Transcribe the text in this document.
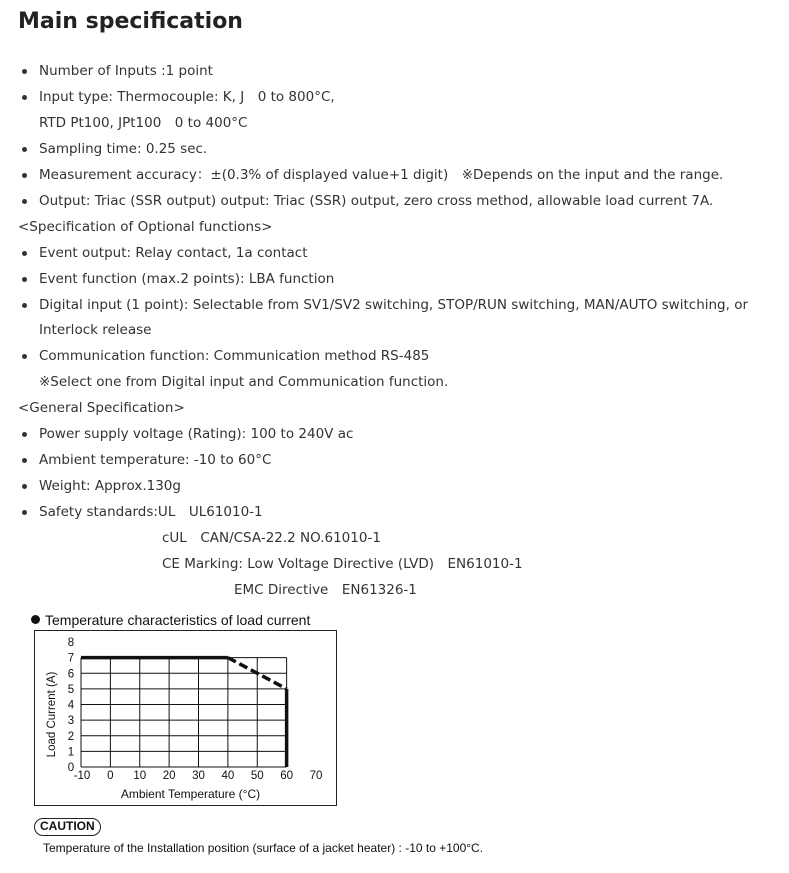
Main specification
Number of Inputs :1 point
Input type: Thermocouple: K, J　0 to 800°C,
RTD Pt100, JPt100　0 to 400°C
Sampling time: 0.25 sec.
Measurement accuracy：±(0.3% of displayed value+1 digit)　※Depends on the input and the range.
Output: Triac (SSR output) output: Triac (SSR) output, zero cross method, allowable load current 7A.
<Specification of Optional functions>
Event output: Relay contact, 1a contact
Event function (max.2 points): LBA function
Digital input (1 point): Selectable from SV1/SV2 switching, STOP/RUN switching, MAN/AUTO switching, or
Interlock release
Communication function: Communication method RS-485
※Select one from Digital input and Communication function.
<General Specification>
Power supply voltage (Rating): 100 to 240V ac
Ambient temperature: -10 to 60°C
Weight: Approx.130g
Safety standards:UL　UL61010-1
cUL　CAN/CSA-22.2 NO.61010-1
CE Marking: Low Voltage Directive (LVD)　EN61010-1
EMC Directive　EN61326-1
Temperature characteristics of load current
0
1
2
3
4
5
6
7
8
-10 0 10 20 30 40 50 60 70
Ambient Temperature (°C)
Load Current (A)
CAUTION
Temperature of the Installation position (surface of a jacket heater) : -10 to +100°C.
